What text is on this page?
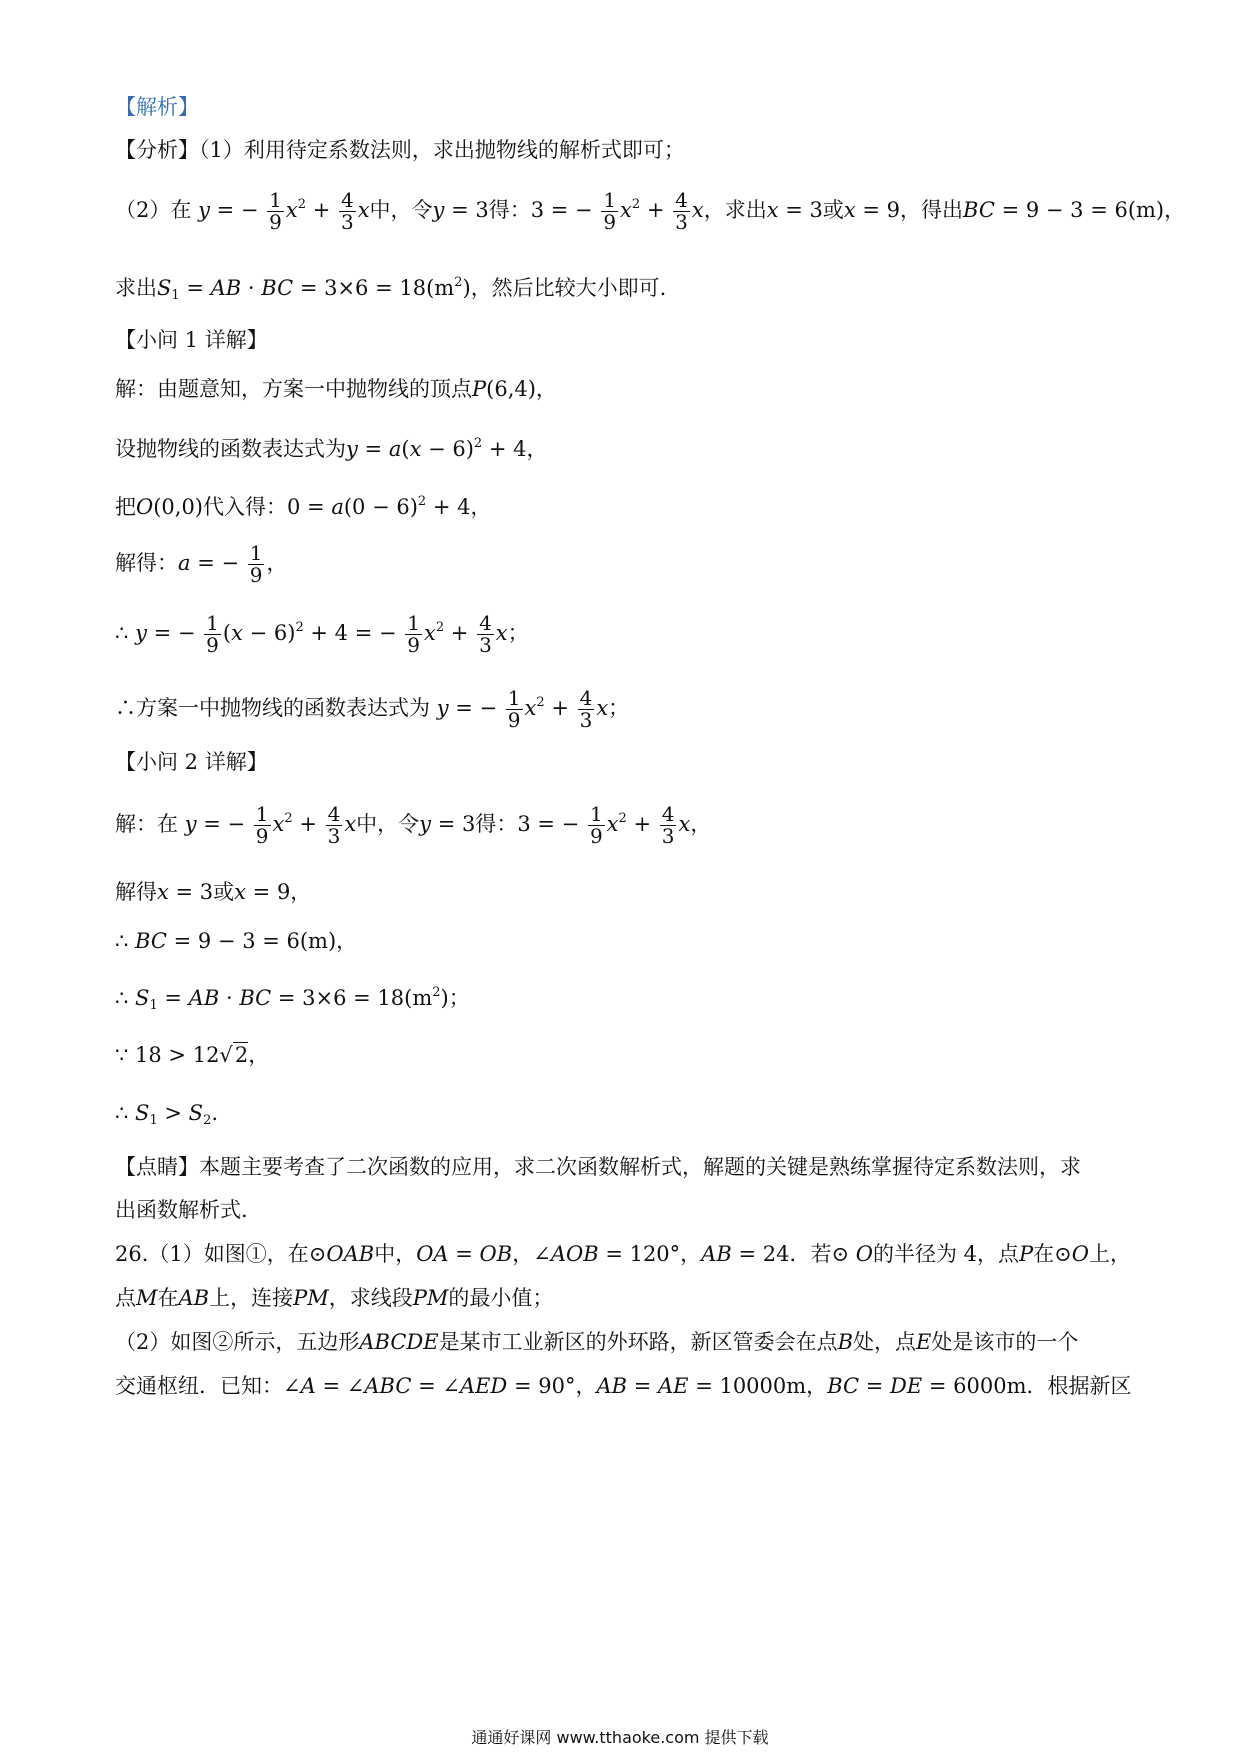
【解析】
【分析】（1）利用待定系数法则，求出抛物线的解析式即可；
（2）在 y = − $\frac{1}{9} x^2 + \frac{4}{3}$ x中，令y = 3得：3 = − $\frac{1}{9} x^2 + \frac{4}{3}$ x，求出x = 3或x = 9，得出BC = 9 − 3 = 6(m)，
求出$S_1$ = AB · BC = $3\times 6 = 18(m^2)$，然后比较大小即可.
【小问 1 详解】
解：由题意知，方案一中抛物线的顶点P(6,4)，
设抛物线的函数表达式为$y = a(x - 6)^2 + 4$，
把O(0,0)代入得：$0 = a(0 - 6)^2 + 4$，
解得：a = − $\frac{1}{9}$ ，
∴ y = − $\frac{1}{9} (x - 6)^2 + 4$ = − $\frac{1}{9} x^2 + \frac{4}{3}$ x；
∴方案一中抛物线的函数表达式为 y = − $\frac{1}{9} x^2 + \frac{4}{3}$ x；
【小问 2 详解】
解：在 y = − $\frac{1}{9} x^2 + \frac{4}{3}$ x中，令y = 3得：3 = − $\frac{1}{9} x^2 + \frac{4}{3}$ x，
解得x = 3或x = 9，
∴ BC = 9 − 3 = 6(m)，
∴ $S_1$ = AB · BC = $3\times 6 = 18(m^2)$；
∵ 18 > 12√2，
∴ $S_1 > S_2$.
【点睛】本题主要考查了二次函数的应用，求二次函数解析式，解题的关键是熟练掌握待定系数法则，求
出函数解析式.
26.（1）如图①，在⊙OAB中，OA = OB，∠AOB = 120°，AB = 24．若⊙ O的半径为 4，点P在⊙O上，
点M在AB上，连接PM，求线段PM的最小值；
（2）如图②所示，五边形ABCDE是某市工业新区的外环路，新区管委会在点B处，点E处是该市的一个
交通枢纽．已知：∠A = ∠ABC = ∠AED = 90°，AB = AE = 10000m，BC = DE = 6000m．根据新区
通通好课网 www.tthaoke.com 提供下载
